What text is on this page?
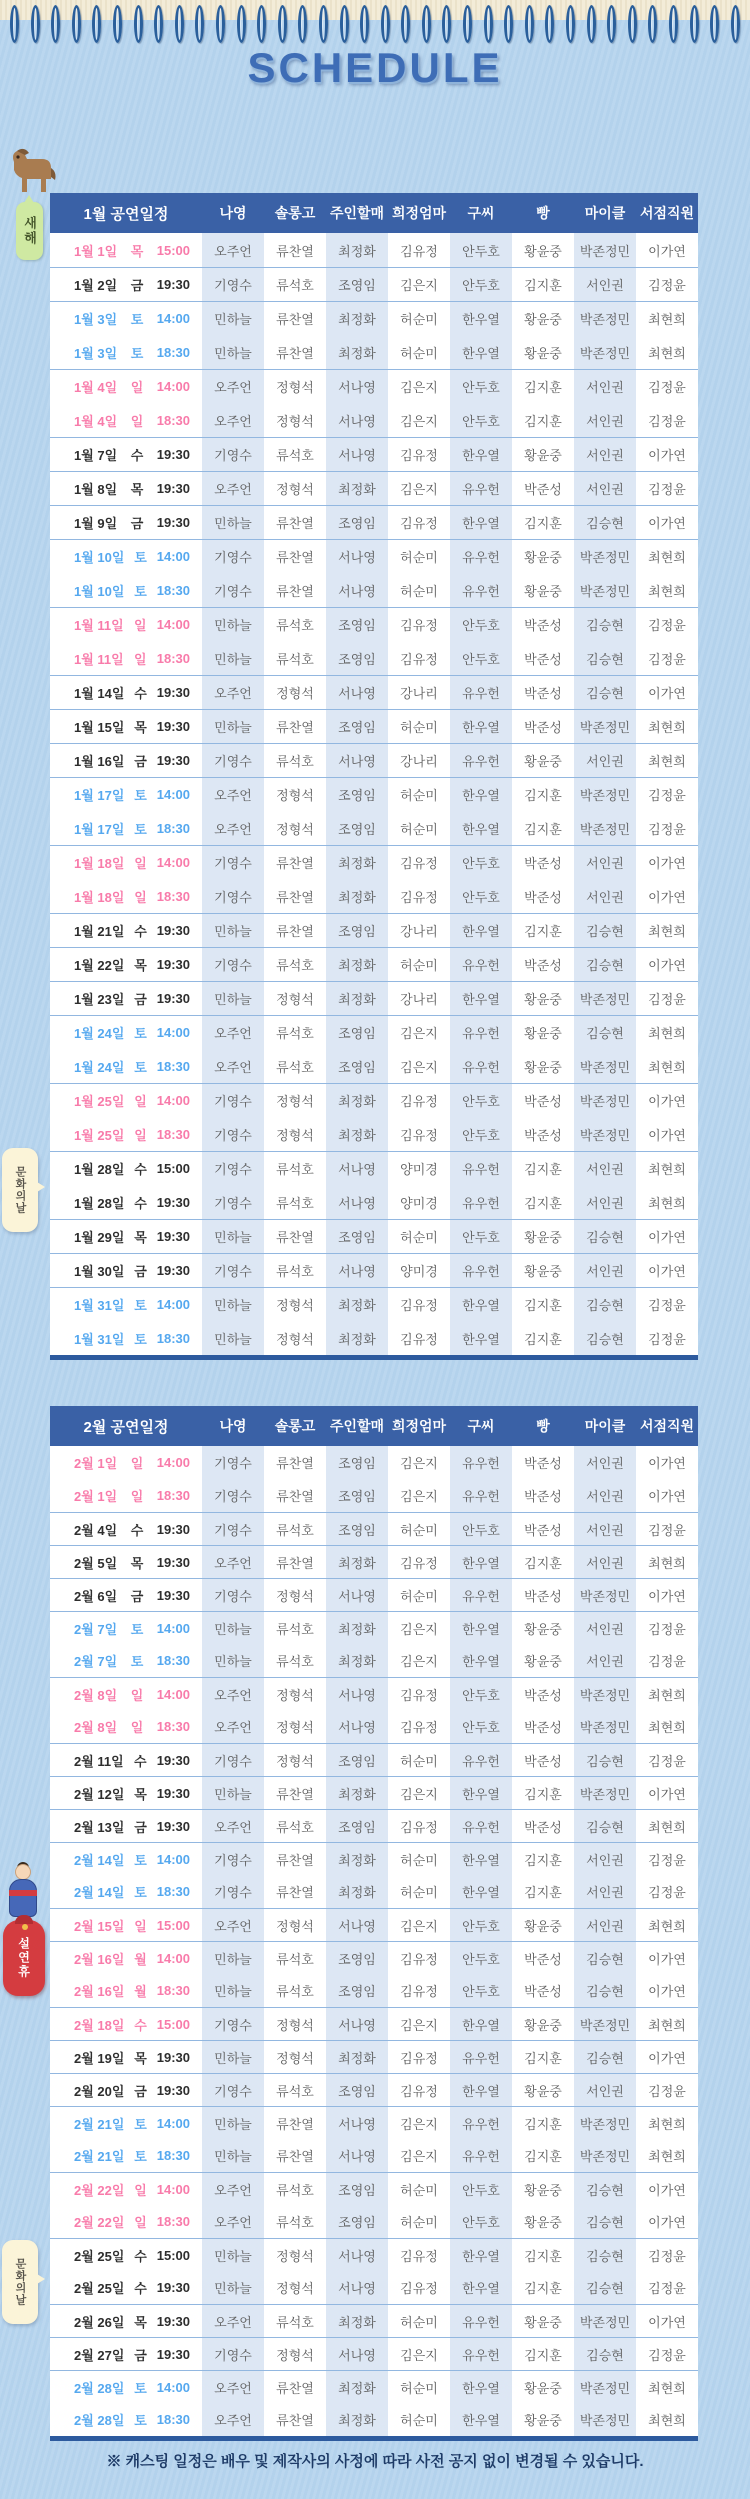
SCHEDULE
새해
1월 공연일정	나영	솔롱고	주인할매 희정엄마	구씨	빵	마이클	서점직원
1월 1일	목	15:00	오주언	류찬열	최정화	김유정	안두호	황윤중	박존정민	이가연
1월 2일	금	19:30	기영수	류석호	조영임	김은지	안두호	김지훈	서인권	김정윤
1월 3일	토	14:00	민하늘	류찬열	최정화	허순미	한우열	황윤중	박존정민	최현희
1월 3일	토	18:30	민하늘	류찬열	최정화	허순미	한우열	황윤중	박존정민	최현희
1월 4일	일	14:00	오주언	정형석	서나영	김은지	안두호	김지훈	서인권	김정윤
1월 4일	일	18:30	오주언	정형석	서나영	김은지	안두호	김지훈	서인권	김정윤
1월 7일	수	19:30	기영수	류석호	서나영	김유정	한우열	황윤중	서인권	이가연
1월 8일	목	19:30	오주언	정형석	최정화	김은지	유우헌	박준성	서인권	김정윤
1월 9일	금	19:30	민하늘	류찬열	조영임	김유정	한우열	김지훈	김승현	이가연
1월 10일 토 14:00	기영수	류찬열	서나영	허순미	유우헌	황윤중	박존정민	최현희
1월 10일 토 18:30	기영수	류찬열	서나영	허순미	유우헌	황윤중	박존정민	최현희
1월 11일 일 14:00	민하늘	류석호	조영임	김유정	안두호	박준성	김승현	김정윤
1월 11일 일 18:30	민하늘	류석호	조영임	김유정	안두호	박준성	김승현	김정윤
1월 14일 수 19:30	오주언	정형석	서나영	강나리	유우헌	박준성	김승현	이가연
1월 15일 목 19:30	민하늘	류찬열	조영임	허순미	한우열	박준성	박존정민	최현희
1월 16일 금 19:30	기영수	류석호	서나영	강나리	유우헌	황윤중	서인권	최현희
1월 17일 토 14:00	오주언	정형석	조영임	허순미	한우열	김지훈	박존정민	김정윤
1월 17일 토 18:30	오주언	정형석	조영임	허순미	한우열	김지훈	박존정민	김정윤
1월 18일 일 14:00	기영수	류찬열	최정화	김유정	안두호	박준성	서인권	이가연
1월 18일 일 18:30	기영수	류찬열	최정화	김유정	안두호	박준성	서인권	이가연
1월 21일 수 19:30	민하늘	류찬열	조영임	강나리	한우열	김지훈	김승현	최현희
1월 22일 목 19:30	기영수	류석호	최정화	허순미	유우헌	박준성	김승현	이가연
1월 23일 금 19:30	민하늘	정형석	최정화	강나리	한우열	황윤중	박존정민	김정윤
1월 24일 토 14:00	오주언	류석호	조영임	김은지	유우헌	황윤중	김승현	최현희
1월 24일 토 18:30	오주언	류석호	조영임	김은지	유우헌	황윤중	박존정민	최현희
1월 25일 일 14:00	기영수	정형석	최정화	김유정	안두호	박준성	박존정민	이가연
1월 25일 일 18:30	기영수	정형석	최정화	김유정	안두호	박준성	박존정민	이가연
1월 28일 수 15:00	기영수	류석호	서나영	양미경	유우헌	김지훈	서인권	최현희
1월 28일 수 19:30	기영수	류석호	서나영	양미경	유우헌	김지훈	서인권	최현희
1월 29일 목 19:30	민하늘	류찬열	조영임	허순미	안두호	황윤중	김승현	이가연
1월 30일 금 19:30	기영수	류석호	서나영	양미경	유우헌	황윤중	서인권	이가연
1월 31일 토 14:00	민하늘	정형석	최정화	김유정	한우열	김지훈	김승현	김정윤
1월 31일 토 18:30	민하늘	정형석	최정화	김유정	한우열	김지훈	김승현	김정윤
문화의날
2월 공연일정	나영	솔롱고	주인할매 희정엄마	구씨	빵	마이클	서점직원
2월 1일	일	14:00	기영수	류찬열	조영임	김은지	유우헌	박준성	서인권	이가연
2월 1일	일	18:30	기영수	류찬열	조영임	김은지	유우헌	박준성	서인권	이가연
2월 4일	수	19:30	기영수	류석호	조영임	허순미	안두호	박준성	서인권	김정윤
2월 5일	목	19:30	오주언	류찬열	최정화	김유정	한우열	김지훈	서인권	최현희
2월 6일	금	19:30	기영수	정형석	서나영	허순미	유우헌	박준성	박존정민	이가연
2월 7일	토	14:00	민하늘	류석호	최정화	김은지	한우열	황윤중	서인권	김정윤
2월 7일	토	18:30	민하늘	류석호	최정화	김은지	한우열	황윤중	서인권	김정윤
2월 8일	일	14:00	오주언	정형석	서나영	김유정	안두호	박준성	박존정민	최현희
2월 8일	일	18:30	오주언	정형석	서나영	김유정	안두호	박준성	박존정민	최현희
2월 11일 수 19:30	기영수	정형석	조영임	허순미	유우헌	박준성	김승현	김정윤
2월 12일 목 19:30	민하늘	류찬열	최정화	김은지	한우열	김지훈	박존정민	이가연
2월 13일 금 19:30	오주언	류석호	조영임	김유정	유우헌	박준성	김승현	최현희
2월 14일 토 14:00	기영수	류찬열	최정화	허순미	한우열	김지훈	서인권	김정윤
2월 14일 토 18:30	기영수	류찬열	최정화	허순미	한우열	김지훈	서인권	김정윤
2월 15일 일 15:00	오주언	정형석	서나영	김은지	안두호	황윤중	서인권	최현희
2월 16일 월 14:00	민하늘	류석호	조영임	김유정	안두호	박준성	김승현	이가연
2월 16일 월 18:30	민하늘	류석호	조영임	김유정	안두호	박준성	김승현	이가연
2월 18일 수 15:00	기영수	정형석	서나영	김은지	한우열	황윤중	박존정민	최현희
2월 19일 목 19:30	민하늘	정형석	최정화	김유정	유우헌	김지훈	김승현	이가연
2월 20일 금 19:30	기영수	류석호	조영임	김유정	한우열	황윤중	서인권	김정윤
2월 21일 토 14:00	민하늘	류찬열	서나영	김은지	유우헌	김지훈	박존정민	최현희
2월 21일 토 18:30	민하늘	류찬열	서나영	김은지	유우헌	김지훈	박존정민	최현희
2월 22일 일 14:00	오주언	류석호	조영임	허순미	안두호	황윤중	김승현	이가연
2월 22일 일 18:30	오주언	류석호	조영임	허순미	안두호	황윤중	김승현	이가연
2월 25일 수 15:00	민하늘	정형석	서나영	김유정	한우열	김지훈	김승현	김정윤
2월 25일 수 19:30	민하늘	정형석	서나영	김유정	한우열	김지훈	김승현	김정윤
2월 26일 목 19:30	오주언	류석호	최정화	허순미	유우헌	황윤중	박존정민	이가연
2월 27일 금 19:30	기영수	정형석	서나영	김은지	유우헌	김지훈	김승현	김정윤
2월 28일 토 14:00	오주언	류찬열	최정화	허순미	한우열	황윤중	박존정민	최현희
2월 28일 토 18:30	오주언	류찬열	최정화	허순미	한우열	황윤중	박존정민	최현희
설연휴
문화의날
※ 캐스팅 일정은 배우 및 제작사의 사정에 따라 사전 공지 없이 변경될 수 있습니다.
